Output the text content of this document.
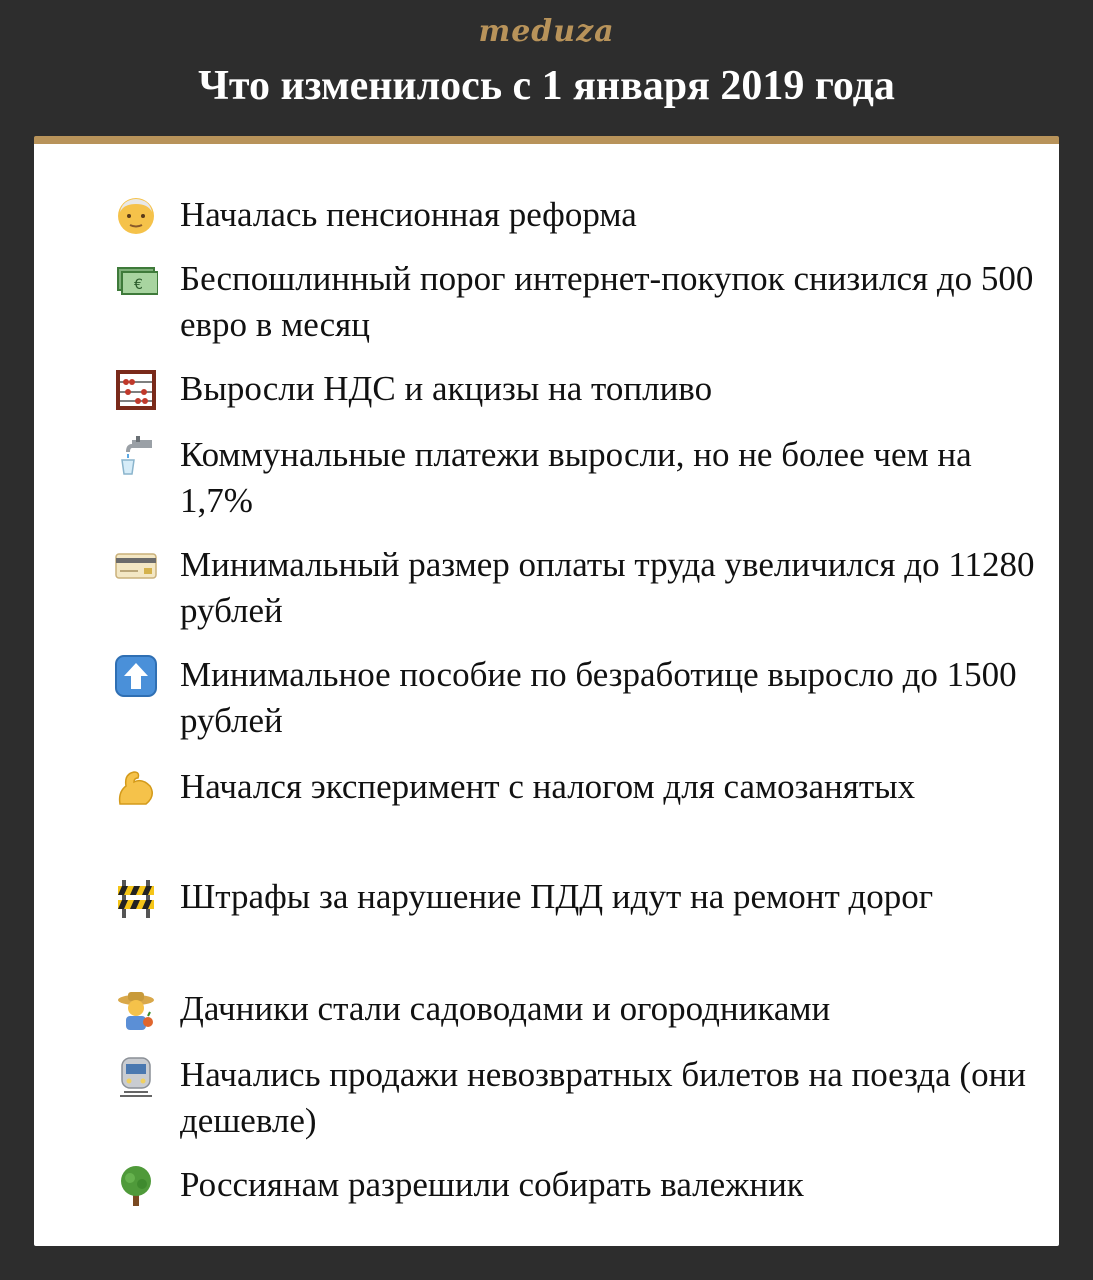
meduza
Что изменилось с 1 января 2019 года
Началась пенсионная реформа
€ Беспошлинный порог интернет-покупок снизился до 500 евро в месяц
Выросли НДС и акцизы на топливо
Коммунальные платежи выросли, но не более чем на 1,7%
Минимальный размер оплаты труда увеличился до 11280 рублей
Минимальное пособие по безработице выросло до 1500 рублей
Начался эксперимент с налогом для самозанятых
Штрафы за нарушение ПДД идут на ремонт дорог
Дачники стали садоводами и огородниками
Начались продажи невозвратных билетов на поезда (они дешевле)
Россиянам разрешили собирать валежник
